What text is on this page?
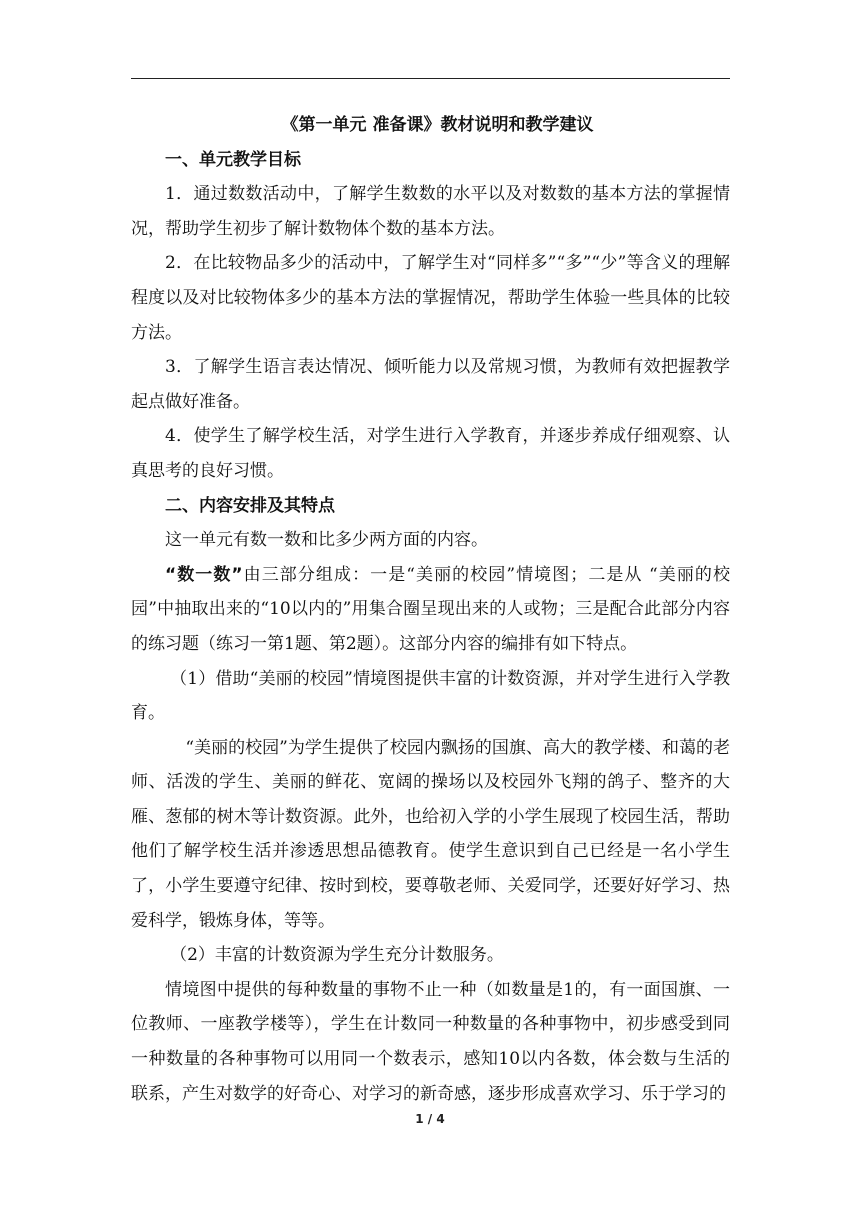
《第一单元 准备课》教材说明和教学建议

一、单元教学目标

1．通过数数活动中，了解学生数数的水平以及对数数的基本方法的掌握情况，帮助学生初步了解计数物体个数的基本方法。

2．在比较物品多少的活动中，了解学生对“同样多”“多”“少”等含义的理解程度以及对比较物体多少的基本方法的掌握情况，帮助学生体验一些具体的比较方法。

3．了解学生语言表达情况、倾听能力以及常规习惯，为教师有效把握教学起点做好准备。

4．使学生了解学校生活，对学生进行入学教育，并逐步养成仔细观察、认真思考的良好习惯。

二、内容安排及其特点

这一单元有数一数和比多少两方面的内容。

“数一数”由三部分组成：一是“美丽的校园”情境图；二是从 “美丽的校园”中抽取出来的“10以内的”用集合圈呈现出来的人或物；三是配合此部分内容的练习题（练习一第1题、第2题）。这部分内容的编排有如下特点。

（1）借助“美丽的校园”情境图提供丰富的计数资源，并对学生进行入学教育。

“美丽的校园”为学生提供了校园内飘扬的国旗、高大的教学楼、和蔼的老师、活泼的学生、美丽的鲜花、宽阔的操场以及校园外飞翔的鸽子、整齐的大雁、葱郁的树木等计数资源。此外，也给初入学的小学生展现了校园生活，帮助他们了解学校生活并渗透思想品德教育。使学生意识到自己已经是一名小学生了，小学生要遵守纪律、按时到校，要尊敬老师、关爱同学，还要好好学习、热爱科学，锻炼身体，等等。

（2）丰富的计数资源为学生充分计数服务。

情境图中提供的每种数量的事物不止一种（如数量是1的，有一面国旗、一位教师、一座教学楼等），学生在计数同一种数量的各种事物中，初步感受到同一种数量的各种事物可以用同一个数表示，感知10以内各数，体会数与生活的联系，产生对数学的好奇心、对学习的新奇感，逐步形成喜欢学习、乐于学习的

1 / 4
